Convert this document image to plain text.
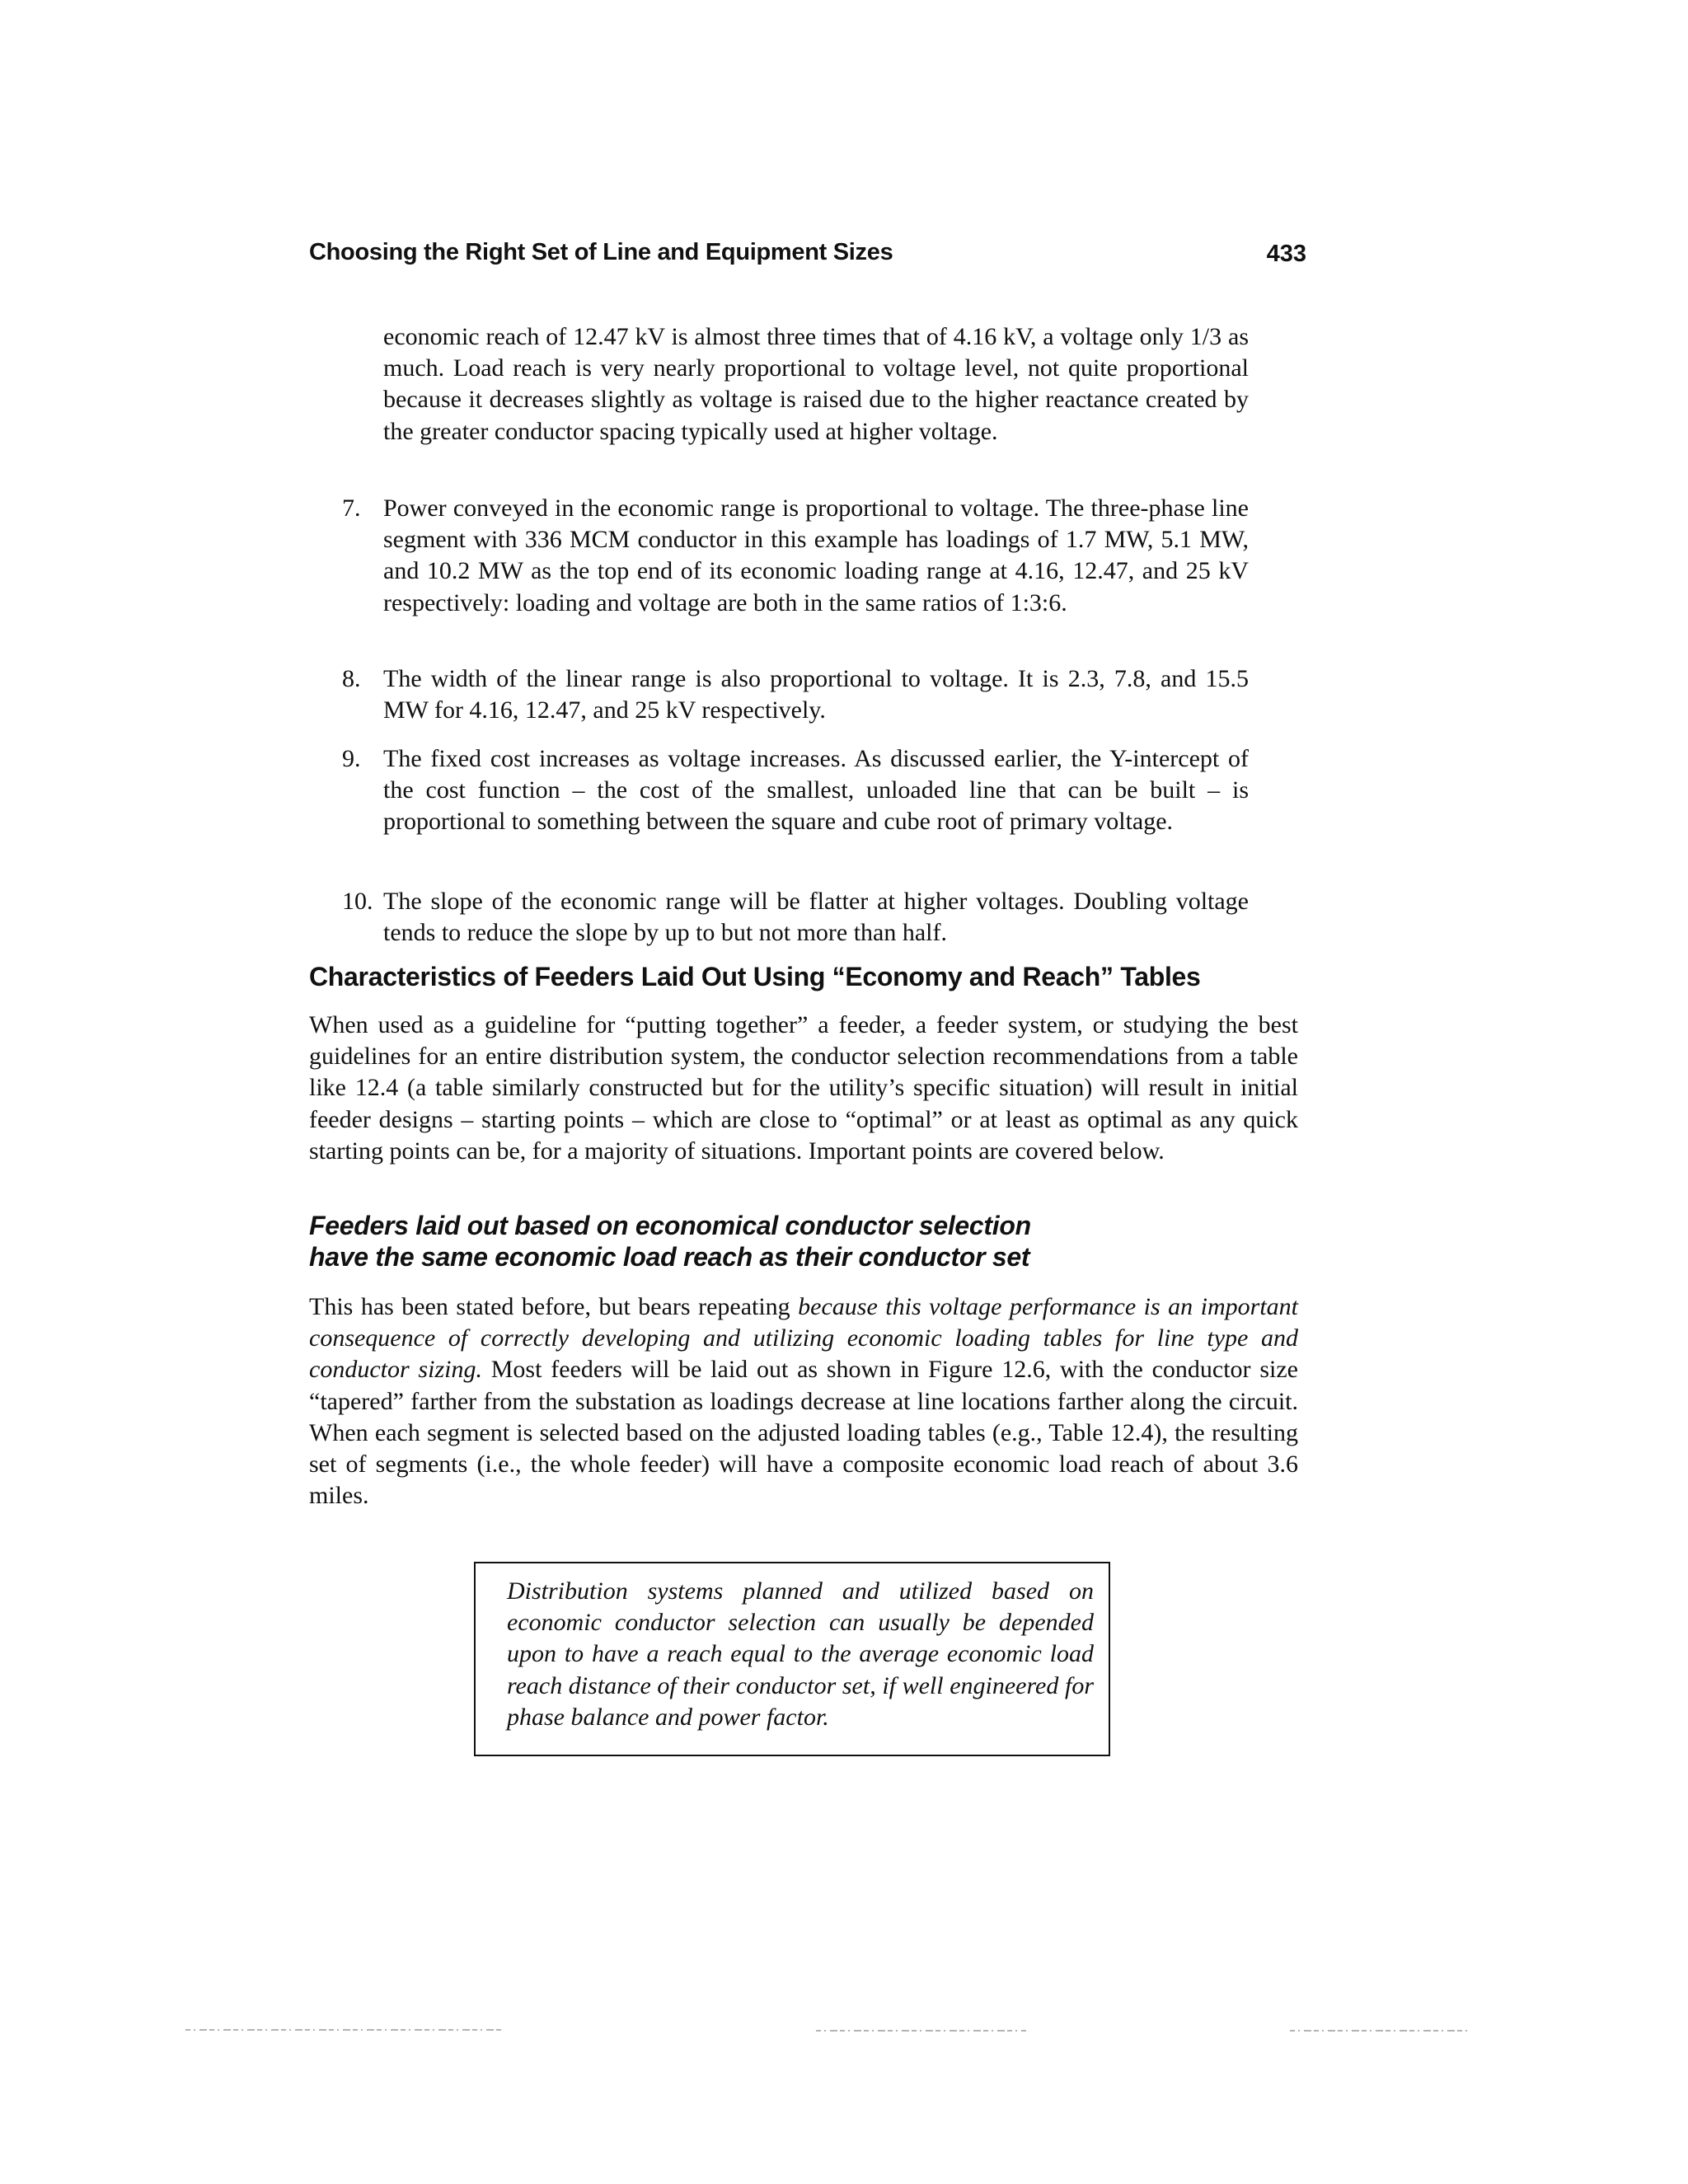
Choosing the Right Set of Line and Equipment Sizes	433

economic reach of 12.47 kV is almost three times that of 4.16 kV, a voltage only 1/3 as much. Load reach is very nearly proportional to voltage level, not quite proportional because it decreases slightly as voltage is raised due to the higher reactance created by the greater conductor spacing typically used at higher voltage.

7. Power conveyed in the economic range is proportional to voltage. The three-phase line segment with 336 MCM conductor in this example has loadings of 1.7 MW, 5.1 MW, and 10.2 MW as the top end of its economic loading range at 4.16, 12.47, and 25 kV respectively: loading and voltage are both in the same ratios of 1:3:6.

8. The width of the linear range is also proportional to voltage. It is 2.3, 7.8, and 15.5 MW for 4.16, 12.47, and 25 kV respectively.

9. The fixed cost increases as voltage increases. As discussed earlier, the Y-intercept of the cost function – the cost of the smallest, unloaded line that can be built – is proportional to something between the square and cube root of primary voltage.

10. The slope of the economic range will be flatter at higher voltages. Doubling voltage tends to reduce the slope by up to but not more than half.

Characteristics of Feeders Laid Out Using “Economy and Reach” Tables

When used as a guideline for “putting together” a feeder, a feeder system, or studying the best guidelines for an entire distribution system, the conductor selection recommendations from a table like 12.4 (a table similarly constructed but for the utility’s specific situation) will result in initial feeder designs – starting points – which are close to “optimal” or at least as optimal as any quick starting points can be, for a majority of situations. Important points are covered below.

Feeders laid out based on economical conductor selection
have the same economic load reach as their conductor set

This has been stated before, but bears repeating because this voltage performance is an important consequence of correctly developing and utilizing economic loading tables for line type and conductor sizing. Most feeders will be laid out as shown in Figure 12.6, with the conductor size “tapered” farther from the substation as loadings decrease at line locations farther along the circuit. When each segment is selected based on the adjusted loading tables (e.g., Table 12.4), the resulting set of segments (i.e., the whole feeder) will have a composite economic load reach of about 3.6 miles.

Distribution systems planned and utilized based on economic conductor selection can usually be depended upon to have a reach equal to the average economic load reach distance of their conductor set, if well engineered for phase balance and power factor.
